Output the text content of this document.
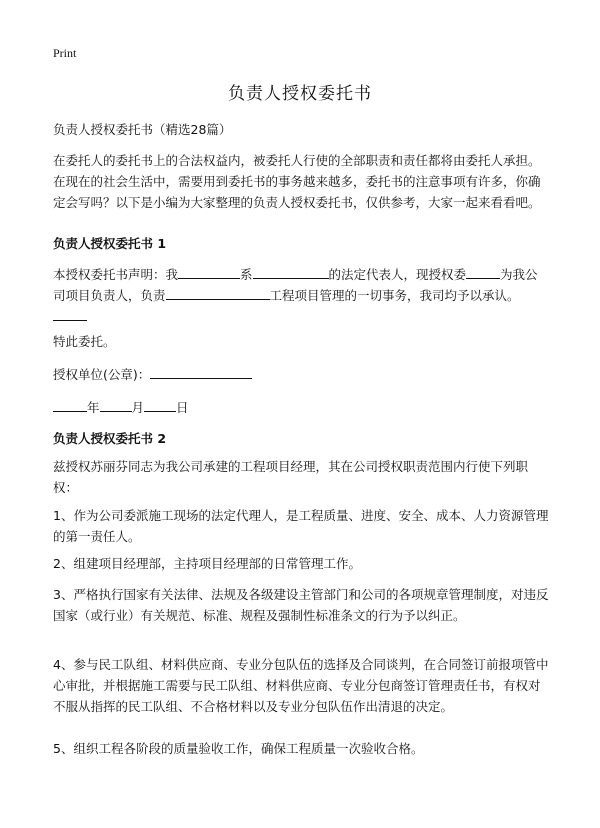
Print
负责人授权委托书

负责人授权委托书（精选28篇）

在委托人的委托书上的合法权益内，被委托人行使的全部职责和责任都将由委托人承担。在现在的社会生活中，需要用到委托书的事务越来越多，委托书的注意事项有许多，你确定会写吗？以下是小编为大家整理的负责人授权委托书，仅供参考，大家一起来看看吧。

负责人授权委托书 1

本授权委托书声明：我	系	的法定代表人，现授权委	为我公司项目负责人，负责	工程项目管理的一切事务，我司均予以承认。

特此委托。

授权单位(公章)：

年	月	日

负责人授权委托书 2

兹授权苏丽芬同志为我公司承建的工程项目经理，其在公司授权职责范围内行使下列职权：

1、作为公司委派施工现场的法定代理人，是工程质量、进度、安全、成本、人力资源管理的第一责任人。

2、组建项目经理部，主持项目经理部的日常管理工作。

3、严格执行国家有关法律、法规及各级建设主管部门和公司的各项规章管理制度，对违反国家（或行业）有关规范、标准、规程及强制性标准条文的行为予以纠正。

4、参与民工队组、材料供应商、专业分包队伍的选择及合同谈判，在合同签订前报项管中心审批，并根据施工需要与民工队组、材料供应商、专业分包商签订管理责任书，有权对不服从指挥的民工队组、不合格材料以及专业分包队伍作出清退的决定。

5、组织工程各阶段的质量验收工作，确保工程质量一次验收合格。
